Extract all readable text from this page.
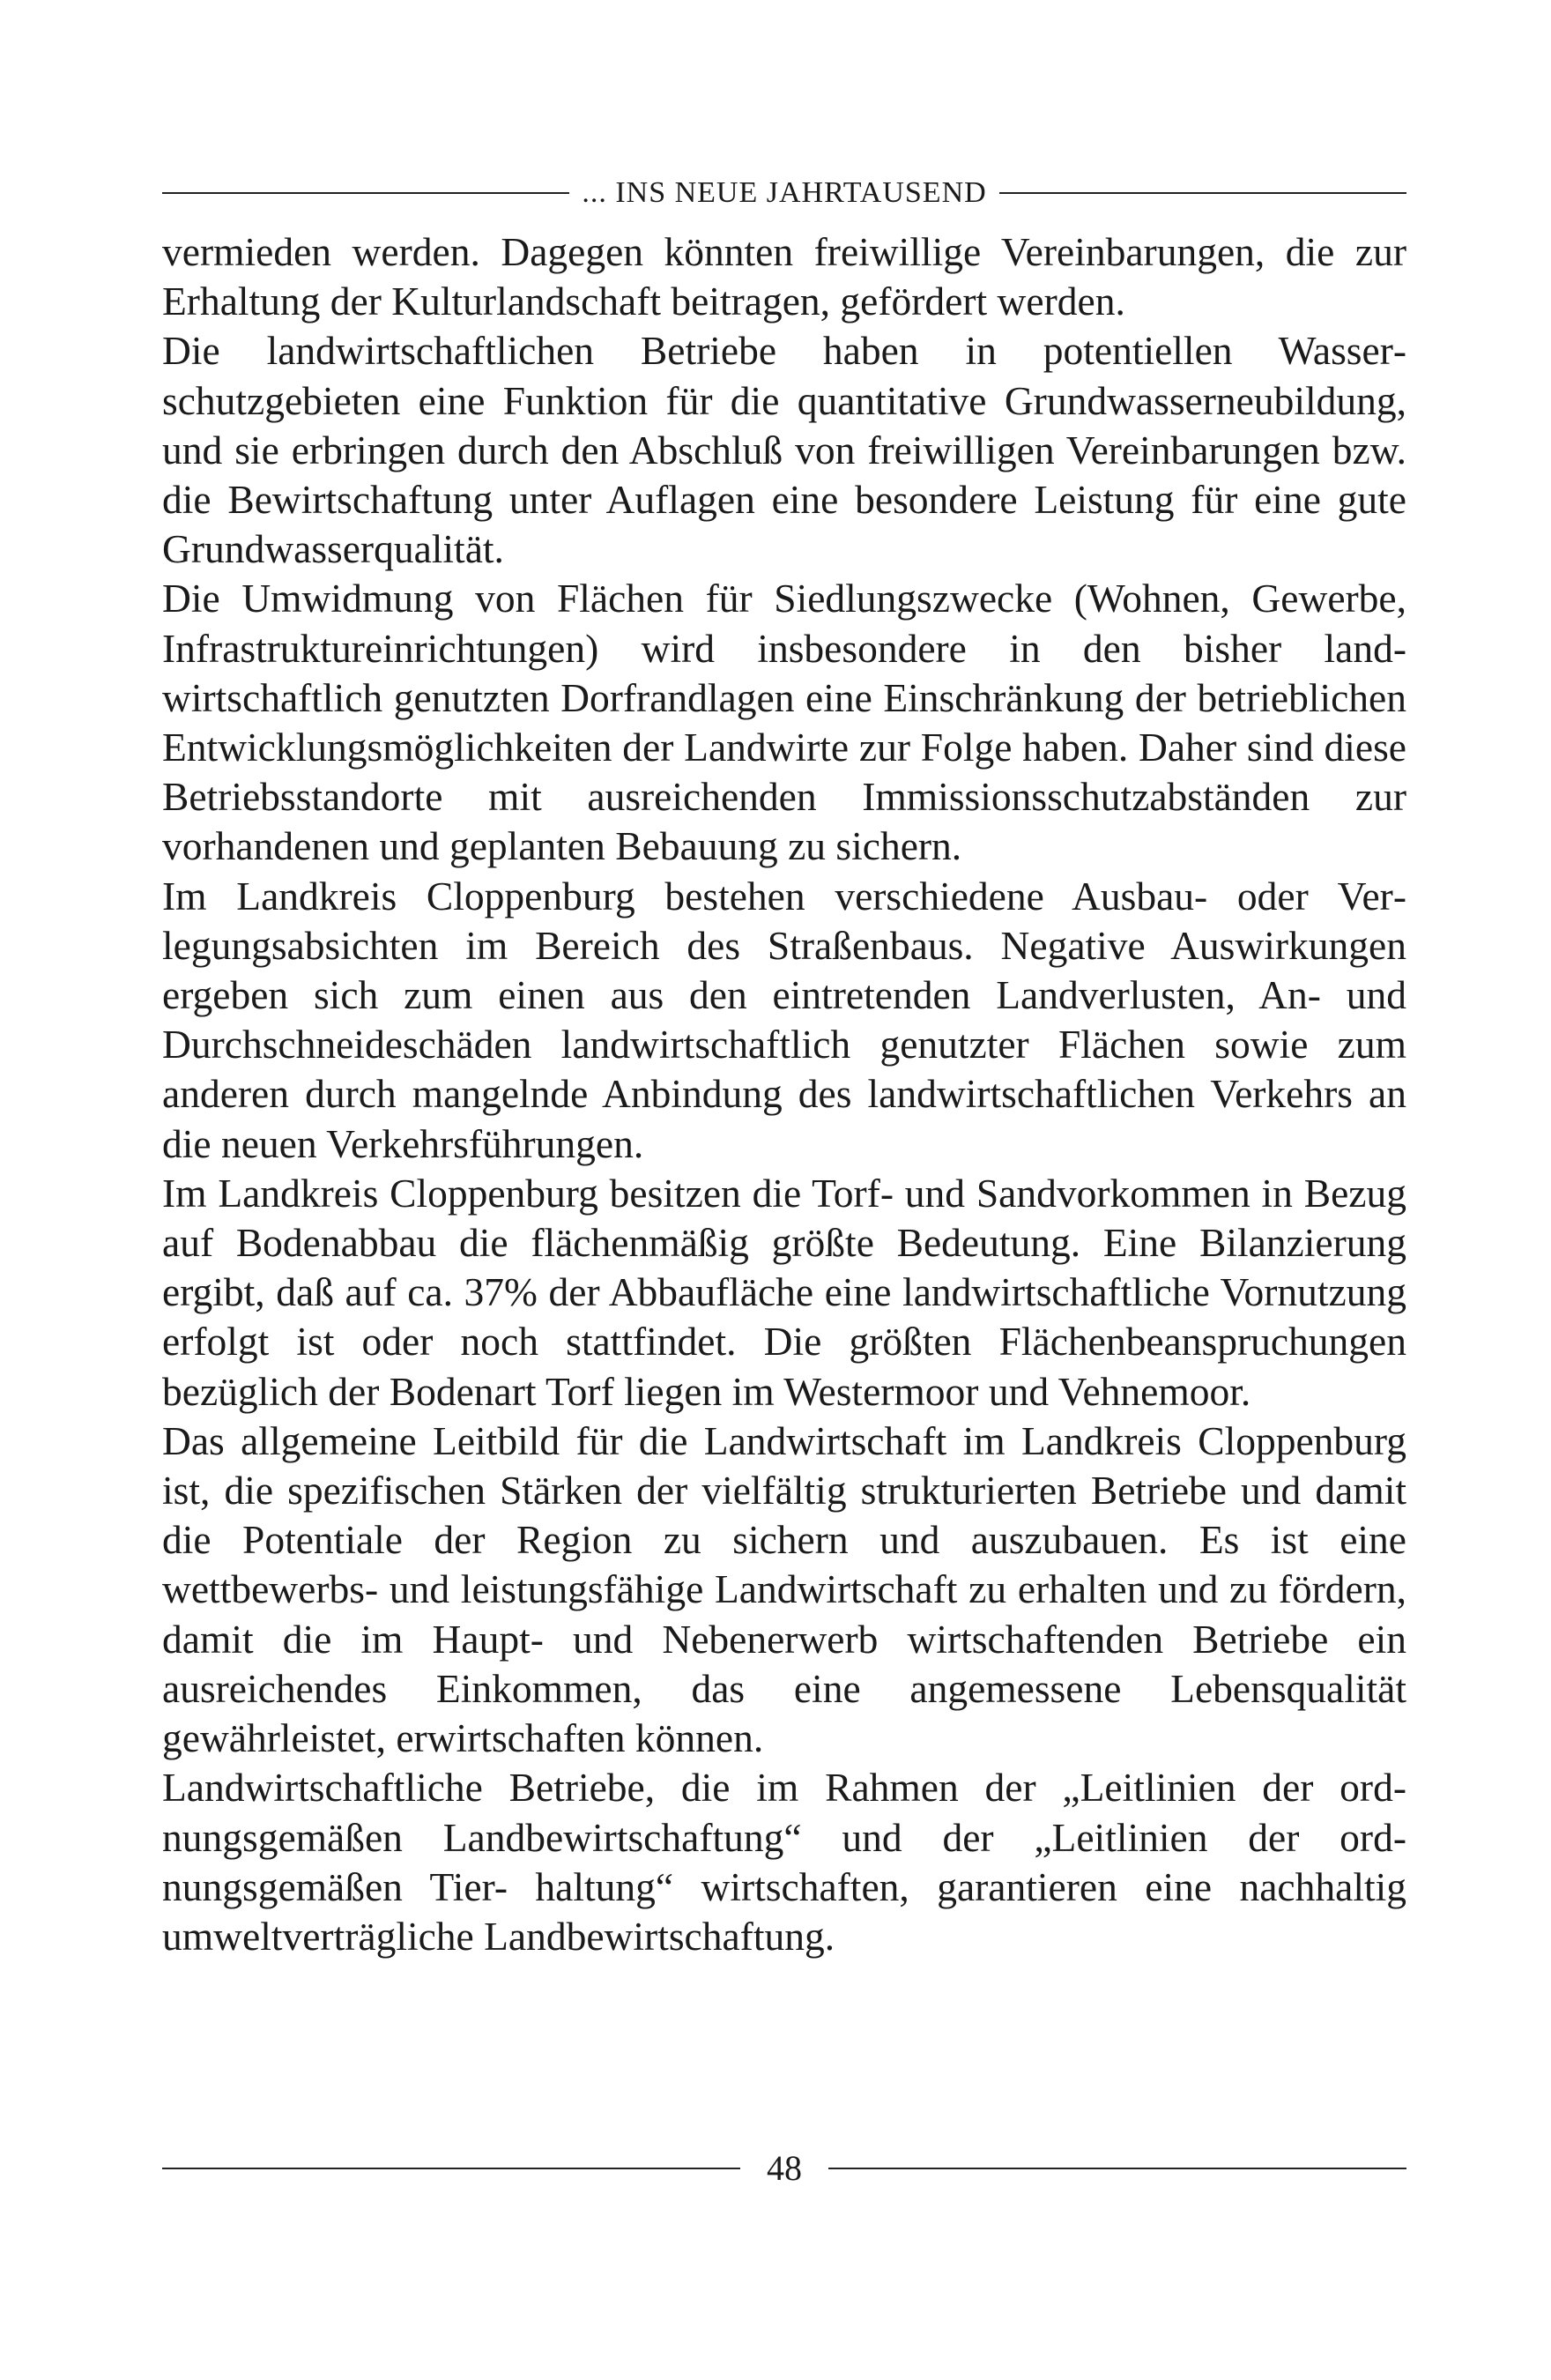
... INS NEUE JAHRTAUSEND

vermieden werden. Dagegen könnten freiwillige Vereinbarungen, die zur Erhaltung der Kulturlandschaft beitragen, gefördert werden.

Die landwirtschaftlichen Betriebe haben in potentiellen Wasserschutzgebieten eine Funktion für die quantitative Grundwasserneubildung, und sie erbringen durch den Abschluß von freiwilligen Vereinbarungen bzw. die Bewirtschaftung unter Auflagen eine besondere Leistung für eine gute Grundwasserqualität.

Die Umwidmung von Flächen für Siedlungszwecke (Wohnen, Gewerbe, Infrastruktureinrichtungen) wird insbesondere in den bisher landwirtschaftlich genutzten Dorfrandlagen eine Einschränkung der betrieblichen Entwicklungsmöglichkeiten der Landwirte zur Folge haben. Daher sind diese Betriebsstandorte mit ausreichenden Immissionsschutzabständen zur vorhandenen und geplanten Bebauung zu sichern.

Im Landkreis Cloppenburg bestehen verschiedene Ausbau- oder Verlegungsabsichten im Bereich des Straßenbaus. Negative Auswirkungen ergeben sich zum einen aus den eintretenden Landverlusten, An- und Durchschneideschäden landwirtschaftlich genutzter Flächen sowie zum anderen durch mangelnde Anbindung des landwirtschaftlichen Verkehrs an die neuen Verkehrsführungen.

Im Landkreis Cloppenburg besitzen die Torf- und Sandvorkommen in Bezug auf Bodenabbau die flächenmäßig größte Bedeutung. Eine Bilanzierung ergibt, daß auf ca. 37% der Abbaufläche eine landwirtschaftliche Vornutzung erfolgt ist oder noch stattfindet. Die größten Flächenbeanspruchungen bezüglich der Bodenart Torf liegen im Westermoor und Vehnemoor.

Das allgemeine Leitbild für die Landwirtschaft im Landkreis Cloppenburg ist, die spezifischen Stärken der vielfältig strukturierten Betriebe und damit die Potentiale der Region zu sichern und auszubauen. Es ist eine wettbewerbs- und leistungsfähige Landwirtschaft zu erhalten und zu fördern, damit die im Haupt- und Nebenerwerb wirtschaftenden Betriebe ein ausreichendes Einkommen, das eine angemessene Lebensqualität gewährleistet, erwirtschaften können.

Landwirtschaftliche Betriebe, die im Rahmen der „Leitlinien der ordnungsgemäßen Landbewirtschaftung“ und der „Leitlinien der ordnungsgemäßen Tier- haltung“ wirtschaften, garantieren eine nachhaltig umweltverträgliche Landbewirtschaftung.

48
